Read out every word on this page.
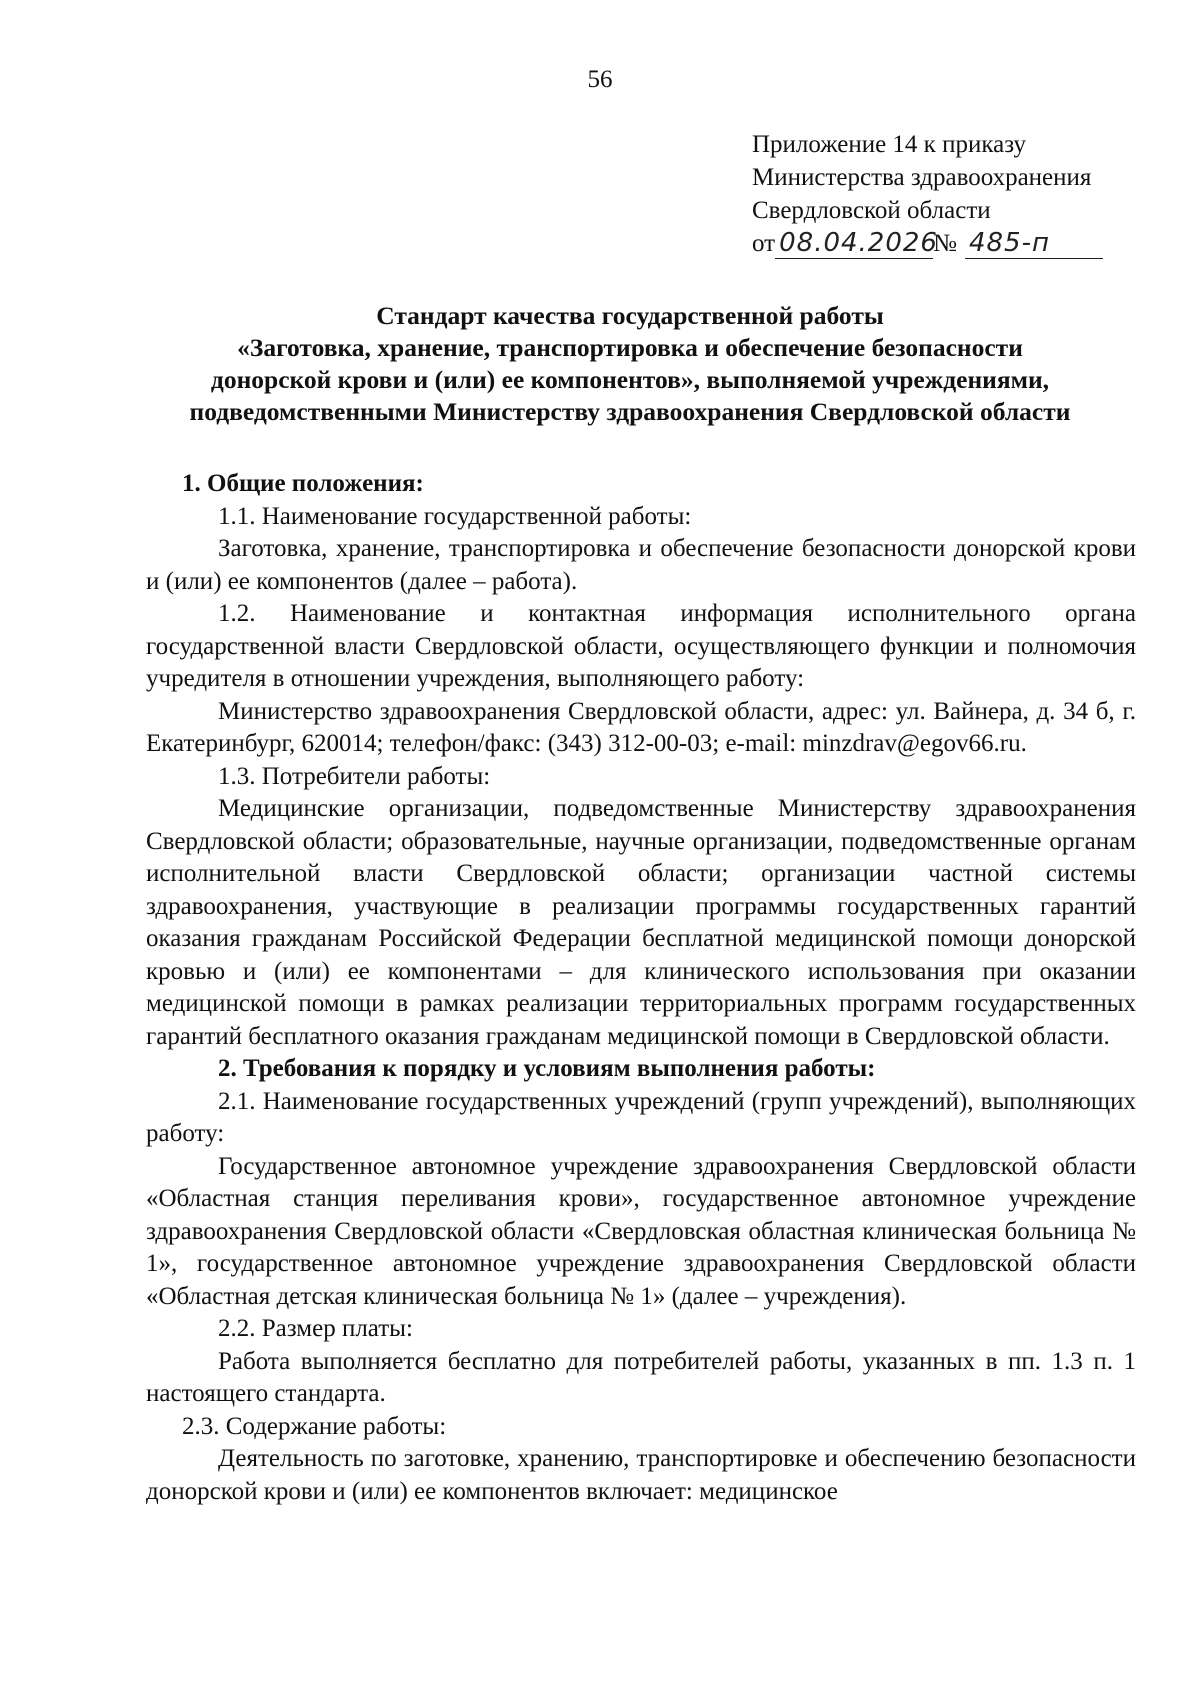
56
Приложение 14 к приказу
Министерства здравоохранения
Свердловской области
от 08.04.2026№ 485-п
Стандарт качества государственной работы
«Заготовка, хранение, транспортировка и обеспечение безопасности
донорской крови и (или) ее компонентов», выполняемой учреждениями,
подведомственными Министерству здравоохранения Свердловской области

1. Общие положения:

1.1. Наименование государственной работы:

Заготовка, хранение, транспортировка и обеспечение безопасности донорской крови и (или) ее компонентов (далее – работа).

1.2. Наименование и контактная информация исполнительного органа государственной власти Свердловской области, осуществляющего функции и полномочия учредителя в отношении учреждения, выполняющего работу:

Министерство здравоохранения Свердловской области, адрес: ул. Вайнера, д. 34 б, г. Екатеринбург, 620014; телефон/факс: (343) 312-00-03; e-mail: minzdrav@egov66.ru.

1.3. Потребители работы:

Медицинские организации, подведомственные Министерству здравоохранения Свердловской области; образовательные, научные организации, подведомственные органам исполнительной власти Свердловской области; организации частной системы здравоохранения, участвующие в реализации программы государственных гарантий оказания гражданам Российской Федерации бесплатной медицинской помощи донорской кровью и (или) ее компонентами – для клинического использования при оказании медицинской помощи в рамках реализации территориальных программ государственных гарантий бесплатного оказания гражданам медицинской помощи в Свердловской области.

2. Требования к порядку и условиям выполнения работы:

2.1. Наименование государственных учреждений (групп учреждений), выполняющих работу:

Государственное автономное учреждение здравоохранения Свердловской области «Областная станция переливания крови», государственное автономное учреждение здравоохранения Свердловской области «Свердловская областная клиническая больница № 1», государственное автономное учреждение здравоохранения Свердловской области «Областная детская клиническая больница № 1» (далее – учреждения).

2.2. Размер платы:

Работа выполняется бесплатно для потребителей работы, указанных в пп. 1.3 п. 1 настоящего стандарта.

2.3. Содержание работы:

Деятельность по заготовке, хранению, транспортировке и обеспечению безопасности донорской крови и (или) ее компонентов включает: медицинское
